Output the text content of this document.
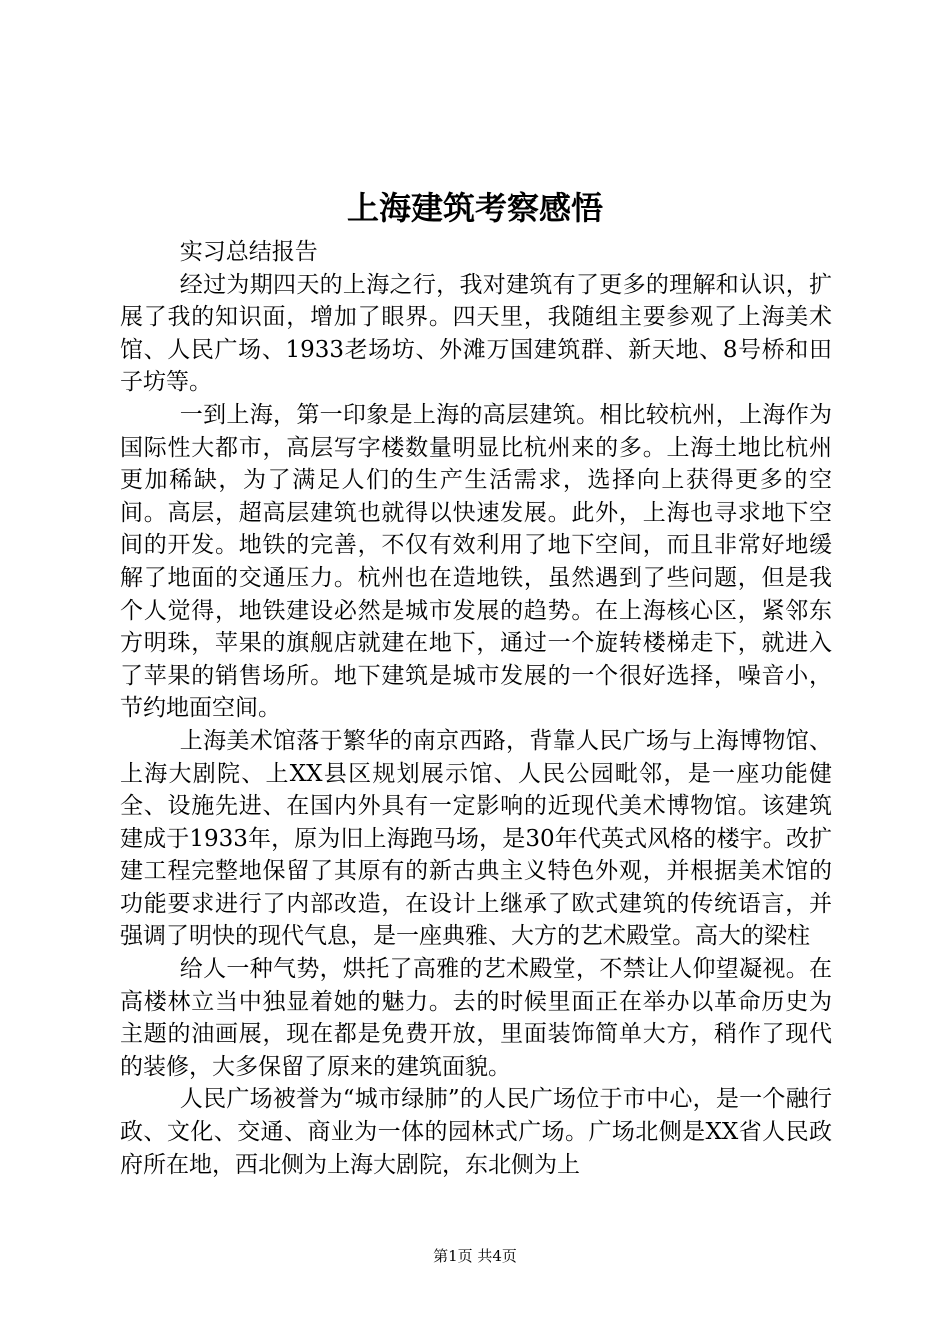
上海建筑考察感悟

实习总结报告

经过为期四天的上海之行，我对建筑有了更多的理解和认识，扩展了我的知识面，增加了眼界。四天里，我随组主要参观了上海美术馆、人民广场、1933老场坊、外滩万国建筑群、新天地、8号桥和田子坊等。

一到上海，第一印象是上海的高层建筑。相比较杭州，上海作为国际性大都市，高层写字楼数量明显比杭州来的多。上海土地比杭州更加稀缺，为了满足人们的生产生活需求，选择向上获得更多的空间。高层，超高层建筑也就得以快速发展。此外，上海也寻求地下空间的开发。地铁的完善，不仅有效利用了地下空间，而且非常好地缓解了地面的交通压力。杭州也在造地铁，虽然遇到了些问题，但是我个人觉得，地铁建设必然是城市发展的趋势。在上海核心区，紧邻东方明珠，苹果的旗舰店就建在地下，通过一个旋转楼梯走下，就进入了苹果的销售场所。地下建筑是城市发展的一个很好选择，噪音小，节约地面空间。

上海美术馆落于繁华的南京西路，背靠人民广场与上海博物馆、上海大剧院、上XX县区规划展示馆、人民公园毗邻，是一座功能健全、设施先进、在国内外具有一定影响的近现代美术博物馆。该建筑建成于1933年，原为旧上海跑马场，是30年代英式风格的楼宇。改扩建工程完整地保留了其原有的新古典主义特色外观，并根据美术馆的功能要求进行了内部改造，在设计上继承了欧式建筑的传统语言，并强调了明快的现代气息，是一座典雅、大方的艺术殿堂。高大的梁柱

给人一种气势，烘托了高雅的艺术殿堂，不禁让人仰望凝视。在高楼林立当中独显着她的魅力。去的时候里面正在举办以革命历史为主题的油画展，现在都是免费开放，里面装饰简单大方，稍作了现代的装修，大多保留了原来的建筑面貌。

人民广场被誉为“城市绿肺”的人民广场位于市中心，是一个融行政、文化、交通、商业为一体的园林式广场。广场北侧是XX省人民政府所在地，西北侧为上海大剧院，东北侧为上

第1页 共4页
